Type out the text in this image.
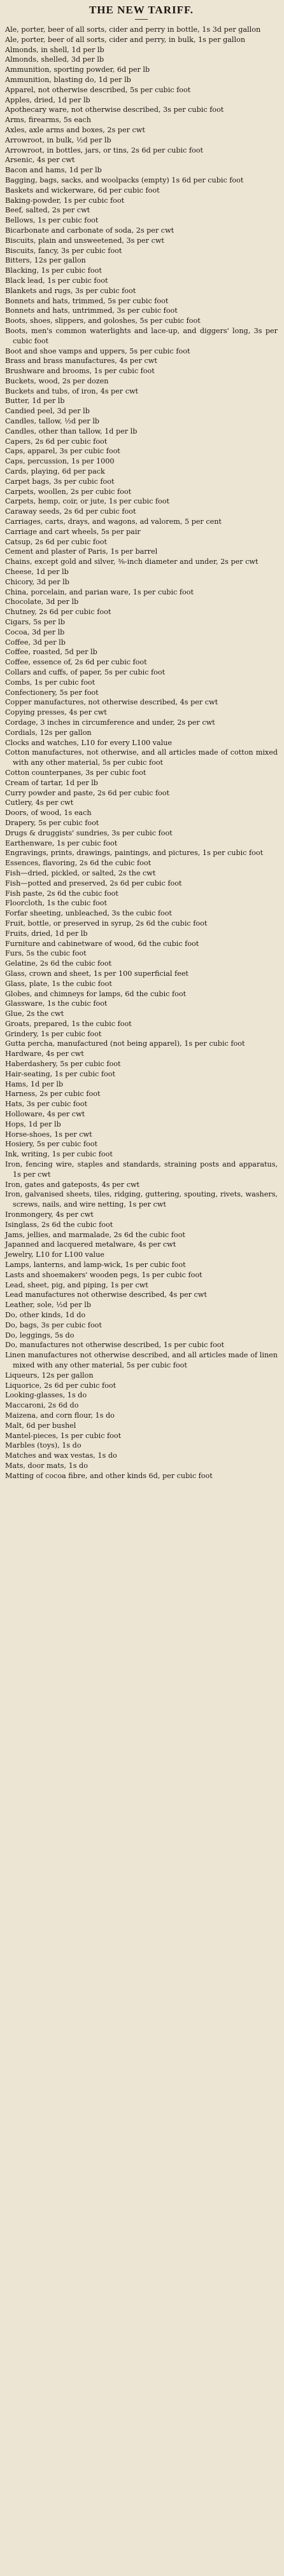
THE NEW TARIFF.

Ale, porter, beer of all sorts, cider and perry in bottle, 1s 3d per gallon

Ale, porter, beer of all sorts, cider and perry, in bulk, 1s per gallon

Almonds, in shell, 1d per lb

Almonds, shelled, 3d per lb

Ammunition, sporting powder, 6d per lb

Ammunition, blasting do, 1d per lb

Apparel, not otherwise described, 5s per cubic foot

Apples, dried, 1d per lb

Apothecary ware, not otherwise described, 3s per cubic foot

Arms, firearms, 5s each

Axles, axle arms and boxes, 2s per cwt

Arrowroot, in bulk, ½d per lb

Arrowroot, in bottles, jars, or tins, 2s 6d per cubic foot

Arsenic, 4s per cwt

Bacon and hams, 1d per lb

Bagging, bags, sacks, and woolpacks (empty) 1s 6d per cubic foot

Baskets and wickerware, 6d per cubic foot

Baking-powder, 1s per cubic foot

Beef, salted, 2s per cwt

Bellows, 1s per cubic foot

Bicarbonate and carbonate of soda, 2s per cwt

Biscuits, plain and unsweetened, 3s per cwt

Biscuits, fancy, 3s per cubic foot

Bitters, 12s per gallon

Blacking, 1s per cubic foot

Black lead, 1s per cubic foot

Blankets and rugs, 3s per cubic foot

Bonnets and hats, trimmed, 5s per cubic foot

Bonnets and hats, untrimmed, 3s per cubic foot

Boots, shoes, slippers, and goloshes, 5s per cubic foot

Boots, men's common waterlights and lace-up, and diggers' long, 3s per cubic foot

Boot and shoe vamps and uppers, 5s per cubic foot

Brass and brass manufactures, 4s per cwt

Brushware and brooms, 1s per cubic foot

Buckets, wood, 2s per dozen

Buckets and tubs, of iron, 4s per cwt

Butter, 1d per lb

Candied peel, 3d per lb

Candles, tallow, ½d per lb

Candles, other than tallow, 1d per lb

Capers, 2s 6d per cubic foot

Caps, apparel, 3s per cubic foot

Caps, percussion, 1s per 1000

Cards, playing, 6d per pack

Carpet bags, 3s per cubic foot

Carpets, woollen, 2s per cubic foot

Carpets, hemp, coir, or jute, 1s per cubic foot

Caraway seeds, 2s 6d per cubic foot

Carriages, carts, drays, and wagons, ad valorem, 5 per cent

Carriage and cart wheels, 5s per pair

Catsup, 2s 6d per cubic foot

Cement and plaster of Paris, 1s per barrel

Chains, except gold and silver, ⅜-inch diameter and under, 2s per cwt

Cheese, 1d per lb

Chicory, 3d per lb

China, porcelain, and parian ware, 1s per cubic foot

Chocolate, 3d per lb

Chutney, 2s 6d per cubic foot

Cigars, 5s per lb

Cocoa, 3d per lb

Coffee, 3d per lb

Coffee, roasted, 5d per lb

Coffee, essence of, 2s 6d per cubic foot

Collars and cuffs, of paper, 5s per cubic foot

Combs, 1s per cubic foot

Confectionery, 5s per foot

Copper manufactures, not otherwise described, 4s per cwt

Copying presses, 4s per cwt

Cordage, 3 inches in circumference and under, 2s per cwt

Cordials, 12s per gallon

Clocks and watches, L10 for every L100 value

Cotton manufactures, not otherwise, and all articles made of cotton mixed with any other material, 5s per cubic foot

Cotton counterpanes, 3s per cubic foot

Cream of tartar, 1d per lb

Curry powder and paste, 2s 6d per cubic foot

Cutlery, 4s per cwt

Doors, of wood, 1s each

Drapery, 5s per cubic foot

Drugs & druggists' sundries, 3s per cubic foot

Earthenware, 1s per cubic foot

Engravings, prints, drawings, paintings, and pictures, 1s per cubic foot

Essences, flavoring, 2s 6d the cubic foot

Fish—dried, pickled, or salted, 2s the cwt

Fish—potted and preserved, 2s 6d per cubic foot

Fish paste, 2s 6d the cubic foot

Floorcloth, 1s the cubic foot

Forfar sheeting, unbleached, 3s the cubic foot

Fruit, bottle, or preserved in syrup, 2s 6d the cubic foot

Fruits, dried, 1d per lb

Furniture and cabinetware of wood, 6d the cubic foot

Furs, 5s the cubic foot

Gelatine, 2s 6d the cubic foot

Glass, crown and sheet, 1s per 100 superficial feet

Glass, plate, 1s the cubic foot

Globes, and chimneys for lamps, 6d the cubic foot

Glassware, 1s the cubic foot

Glue, 2s the cwt

Groats, prepared, 1s the cubic foot

Grindery, 1s per cubic foot

Gutta percha, manufactured (not being apparel), 1s per cubic foot

Hardware, 4s per cwt

Haberdashery, 5s per cubic foot

Hair-seating, 1s per cubic foot

Hams, 1d per lb

Harness, 2s per cubic foot

Hats, 3s per cubic foot

Holloware, 4s per cwt

Hops, 1d per lb

Horse-shoes, 1s per cwt

Hosiery, 5s per cubic foot

Ink, writing, 1s per cubic foot

Iron, fencing wire, staples and standards, straining posts and apparatus, 1s per cwt

Iron, gates and gateposts, 4s per cwt

Iron, galvanised sheets, tiles, ridging, guttering, spouting, rivets, washers, screws, nails, and wire netting, 1s per cwt

Ironmongery, 4s per cwt

Isinglass, 2s 6d the cubic foot

Jams, jellies, and marmalade, 2s 6d the cubic foot

Japanned and lacquered metalware, 4s per cwt

Jewelry, L10 for L100 value

Lamps, lanterns, and lamp-wick, 1s per cubic foot

Lasts and shoemakers' wooden pegs, 1s per cubic foot

Lead, sheet, pig, and piping, 1s per cwt

Lead manufactures not otherwise described, 4s per cwt

Leather, sole, ½d per lb

Do, other kinds, 1d do

Do, bags, 3s per cubic foot

Do, leggings, 5s do

Do, manufactures not otherwise described, 1s per cubic foot

Linen manufactures not otherwise described, and all articles made of linen mixed with any other material, 5s per cubic foot

Liqueurs, 12s per gallon

Liquorice, 2s 6d per cubic foot

Looking-glasses, 1s do

Maccaroni, 2s 6d do

Maizena, and corn flour, 1s do

Malt, 6d per bushel

Mantel-pieces, 1s per cubic foot

Marbles (toys), 1s do

Matches and wax vestas, 1s do

Mats, door mats, 1s do

Matting of cocoa fibre, and other kinds 6d, per cubic foot
